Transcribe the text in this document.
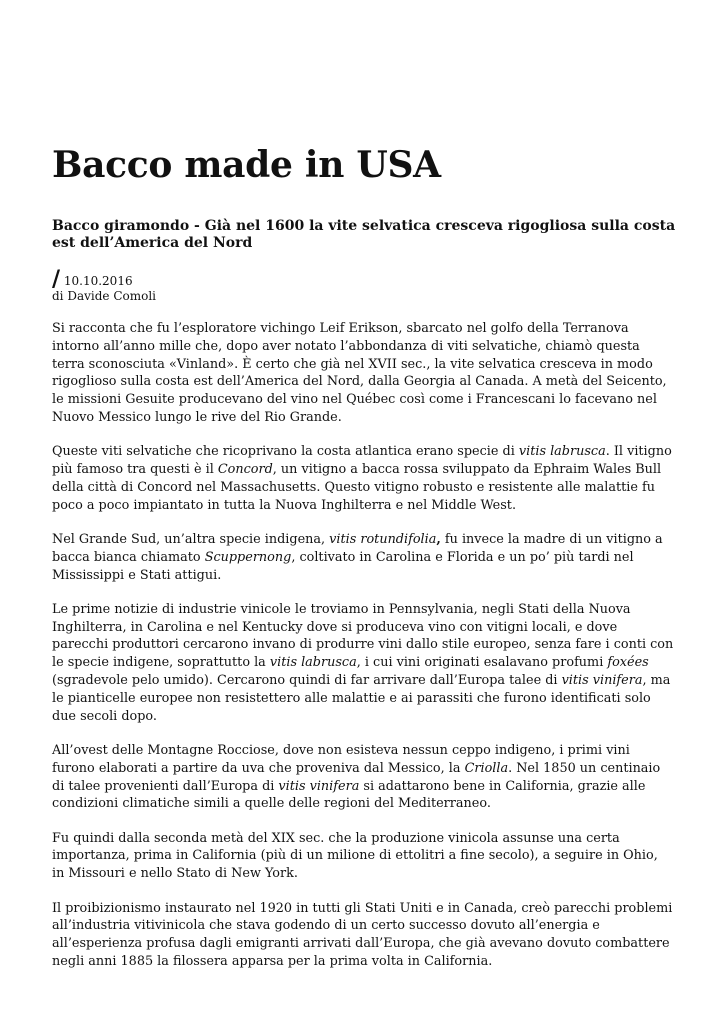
Bacco made in USA
Bacco giramondo - Già nel 1600 la vite selvatica cresceva rigogliosa sulla costa est dell’America del Nord
/ 10.10.2016
di Davide Comoli

Si racconta che fu l’esploratore vichingo Leif Erikson, sbarcato nel golfo della Terranova intorno all’anno mille che, dopo aver notato l’abbondanza di viti selvatiche, chiamò questa terra sconosciuta «Vinland». È certo che già nel XVII sec., la vite selvatica cresceva in modo rigoglioso sulla costa est dell’America del Nord, dalla Georgia al Canada. A metà del Seicento, le missioni Gesuite producevano del vino nel Québec così come i Francescani lo facevano nel Nuovo Messico lungo le rive del Rio Grande.

Queste viti selvatiche che ricoprivano la costa atlantica erano specie di vitis labrusca. Il vitigno più famoso tra questi è il Concord, un vitigno a bacca rossa sviluppato da Ephraim Wales Bull della città di Concord nel Massachusetts. Questo vitigno robusto e resistente alle malattie fu poco a poco impiantato in tutta la Nuova Inghilterra e nel Middle West.

Nel Grande Sud, un’altra specie indigena, vitis rotundifolia, fu invece la madre di un vitigno a bacca bianca chiamato Scuppernong, coltivato in Carolina e Florida e un po’ più tardi nel Mississippi e Stati attigui.

Le prime notizie di industrie vinicole le troviamo in Pennsylvania, negli Stati della Nuova Inghilterra, in Carolina e nel Kentucky dove si produceva vino con vitigni locali, e dove parecchi produttori cercarono invano di produrre vini dallo stile europeo, senza fare i conti con le specie indigene, soprattutto la vitis labrusca, i cui vini originati esalavano profumi foxées (sgradevole pelo umido). Cercarono quindi di far arrivare dall’Europa talee di vitis vinifera, ma le pianticelle europee non resistettero alle malattie e ai parassiti che furono identificati solo due secoli dopo.

All’ovest delle Montagne Rocciose, dove non esisteva nessun ceppo indigeno, i primi vini furono elaborati a partire da uva che proveniva dal Messico, la Criolla. Nel 1850 un centinaio di talee provenienti dall’Europa di vitis vinifera si adattarono bene in California, grazie alle condizioni climatiche simili a quelle delle regioni del Mediterraneo.

Fu quindi dalla seconda metà del XIX sec. che la produzione vinicola assunse una certa importanza, prima in California (più di un milione di ettolitri a fine secolo), a seguire in Ohio, in Missouri e nello Stato di New York.

Il proibizionismo instaurato nel 1920 in tutti gli Stati Uniti e in Canada, creò parecchi problemi all’industria vitivinicola che stava godendo di un certo successo dovuto all’energia e all’esperienza profusa dagli emigranti arrivati dall’Europa, che già avevano dovuto combattere negli anni 1885 la filossera apparsa per la prima volta in California.
